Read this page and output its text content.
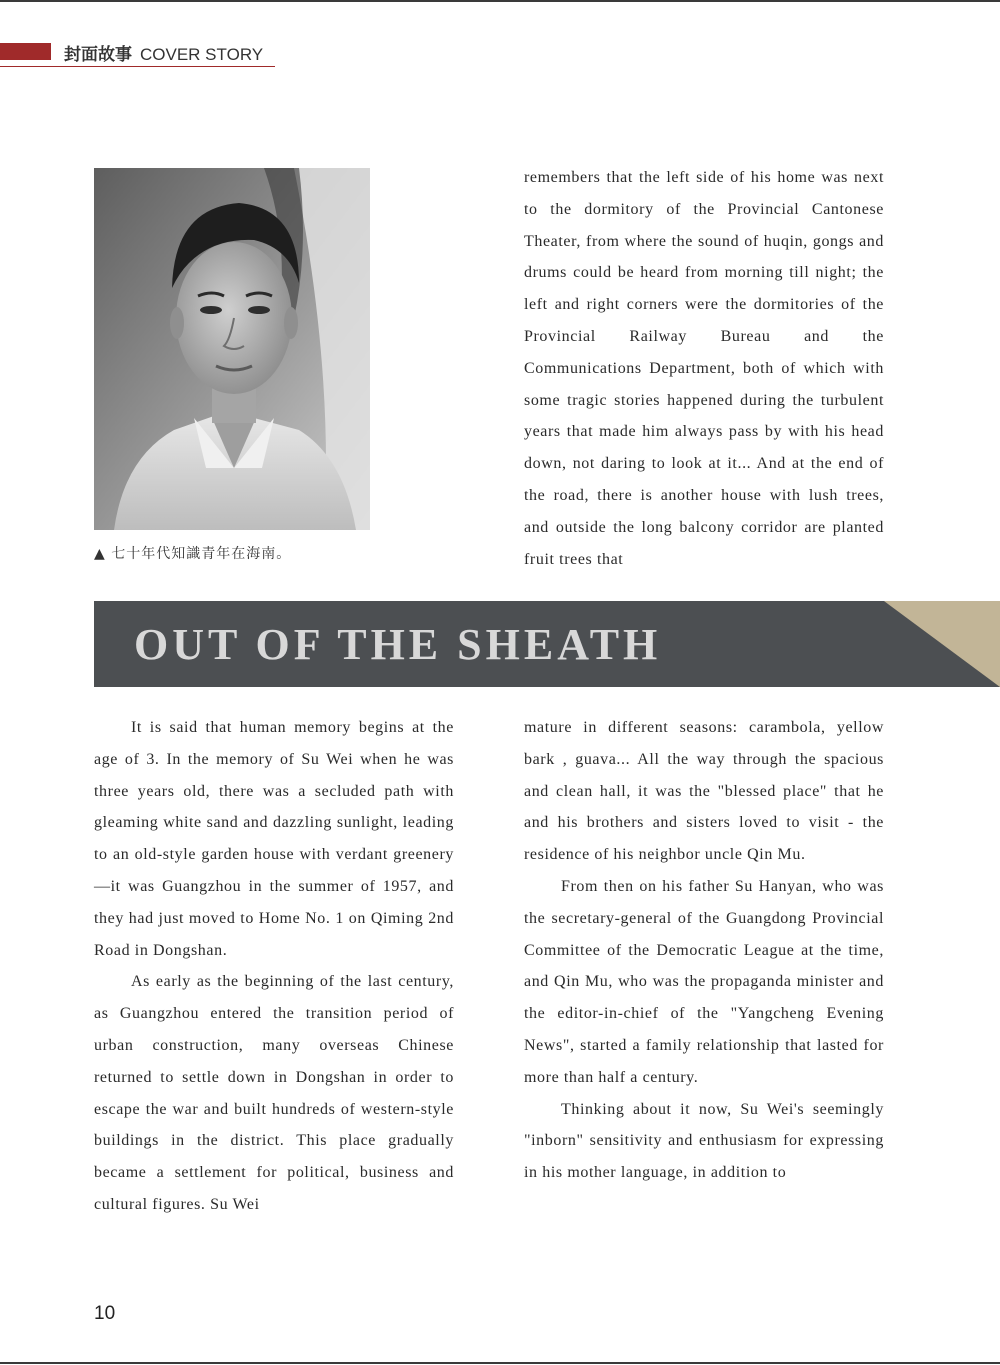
封面故事 COVER STORY
▲ 七十年代知識青年在海南。

remembers that the left side of his home was next to the dormitory of the Provincial Cantonese Theater, from where the sound of huqin, gongs and drums could be heard from morning till night; the left and right corners were the dormitories of the Provincial Railway Bureau and the Communications Department, both of which with some tragic stories happened during the turbulent years that made him always pass by with his head down, not daring to look at it... And at the end of the road, there is another house with lush trees, and outside the long balcony corridor are planted fruit trees that

OUT OF THE SHEATH

It is said that human memory begins at the age of 3. In the memory of Su Wei when he was three years old, there was a secluded path with gleaming white sand and dazzling sunlight, leading to an old-style garden house with verdant greenery—it was Guangzhou in the summer of 1957, and they had just moved to Home No. 1 on Qiming 2nd Road in Dongshan.

As early as the beginning of the last century, as Guangzhou entered the transition period of urban construction, many overseas Chinese returned to settle down in Dongshan in order to escape the war and built hundreds of western-style buildings in the district. This place gradually became a settlement for political, business and cultural figures. Su Wei

mature in different seasons: carambola, yellow bark , guava... All the way through the spacious and clean hall, it was the "blessed place" that he and his brothers and sisters loved to visit - the residence of his neighbor uncle Qin Mu.

From then on his father Su Hanyan, who was the secretary-general of the Guangdong Provincial Committee of the Democratic League at the time, and Qin Mu, who was the propaganda minister and the editor-in-chief of the "Yangcheng Evening News", started a family relationship that lasted for more than half a century.

Thinking about it now, Su Wei's seemingly "inborn" sensitivity and enthusiasm for expressing in his mother language, in addition to

10
